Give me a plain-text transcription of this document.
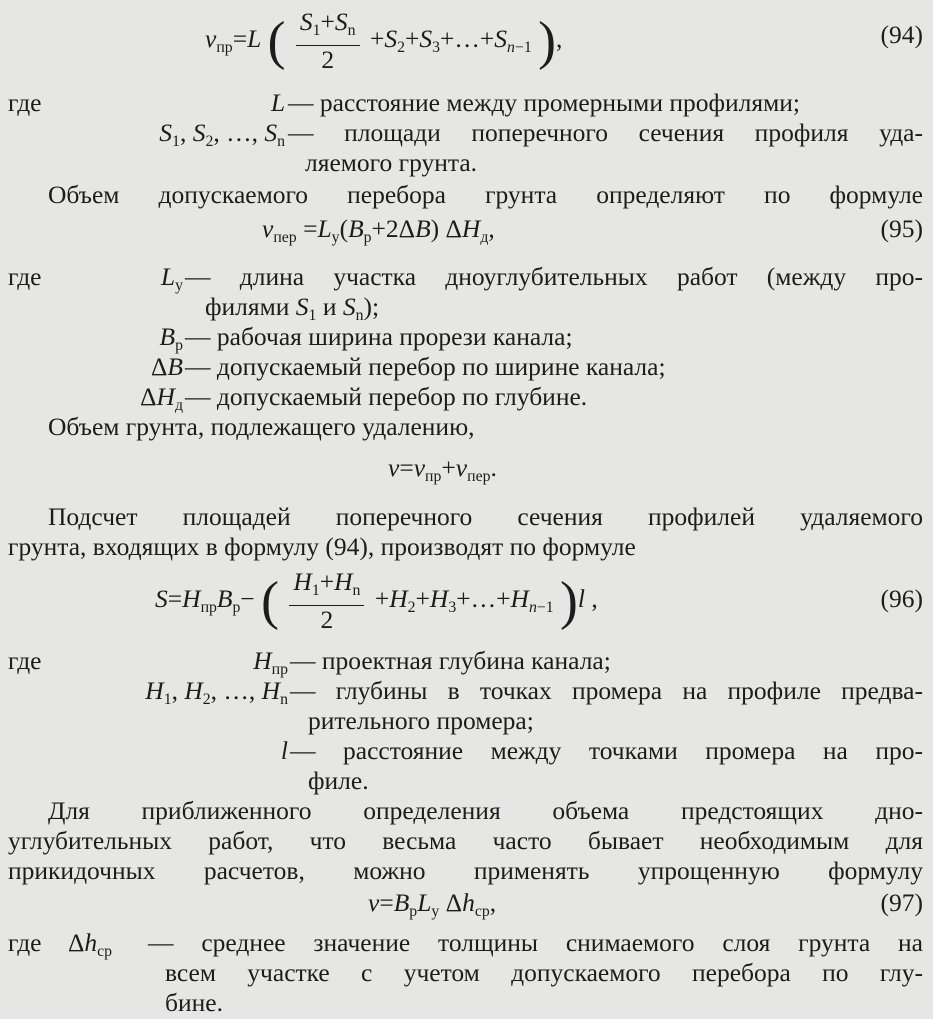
$v_{пр}=L$ ( $\frac{S_1+S_n}{2}$ $+S_2+S_3+\dots+S_{n-1}$ ),	(94)
где	L — расстояние между промерными профилями;
$S_1$, $S_2$, …, $S_n$ — площади поперечного сечения профиля уда-
ляемого грунта.
Объем допускаемого перебора грунта определяют по формуле
$v_{пер} =L_у(B_р+2\Delta B)$ $\Delta H_д$,	(95)
где	$L_у$ — длина участка дноуглубительных работ (между про-
филями $S_1$ и $S_n$);
$B_р$ — рабочая ширина прорези канала;
ΔB — допускаемый перебор по ширине канала;
$\Delta H_д$ — допускаемый перебор по глубине.
Объем грунта, подлежащего удалению,
$v=v_{пр}+v_{пер}$.
Подсчет площадей поперечного сечения профилей удаляемого
грунта, входящих в формулу (94), производят по формуле
$S=H_{пр}B_р-$ ( $\frac{H_1+H_n}{2}$ $+H_2+H_3+\dots+H_{n-1}$ )l ,	(96)
где	$H_{пр}$ — проектная глубина канала;
$H_1$, $H_2$, …, $H_n$ — глубины в точках промера на профиле предва-
рительного промера;
l — расстояние между точками промера на про-
филе.
Для приближенного определения объема предстоящих дно-
углубительных работ, что весьма часто бывает необходимым для
прикидочных расчетов, можно применять упрощенную формулу
$v=B_рL_у$ $\Delta h_{ср}$,	(97)
где $\Delta h_{ср}$ — среднее значение толщины снимаемого слоя грунта на
всем участке с учетом допускаемого перебора по глу-
бине.
